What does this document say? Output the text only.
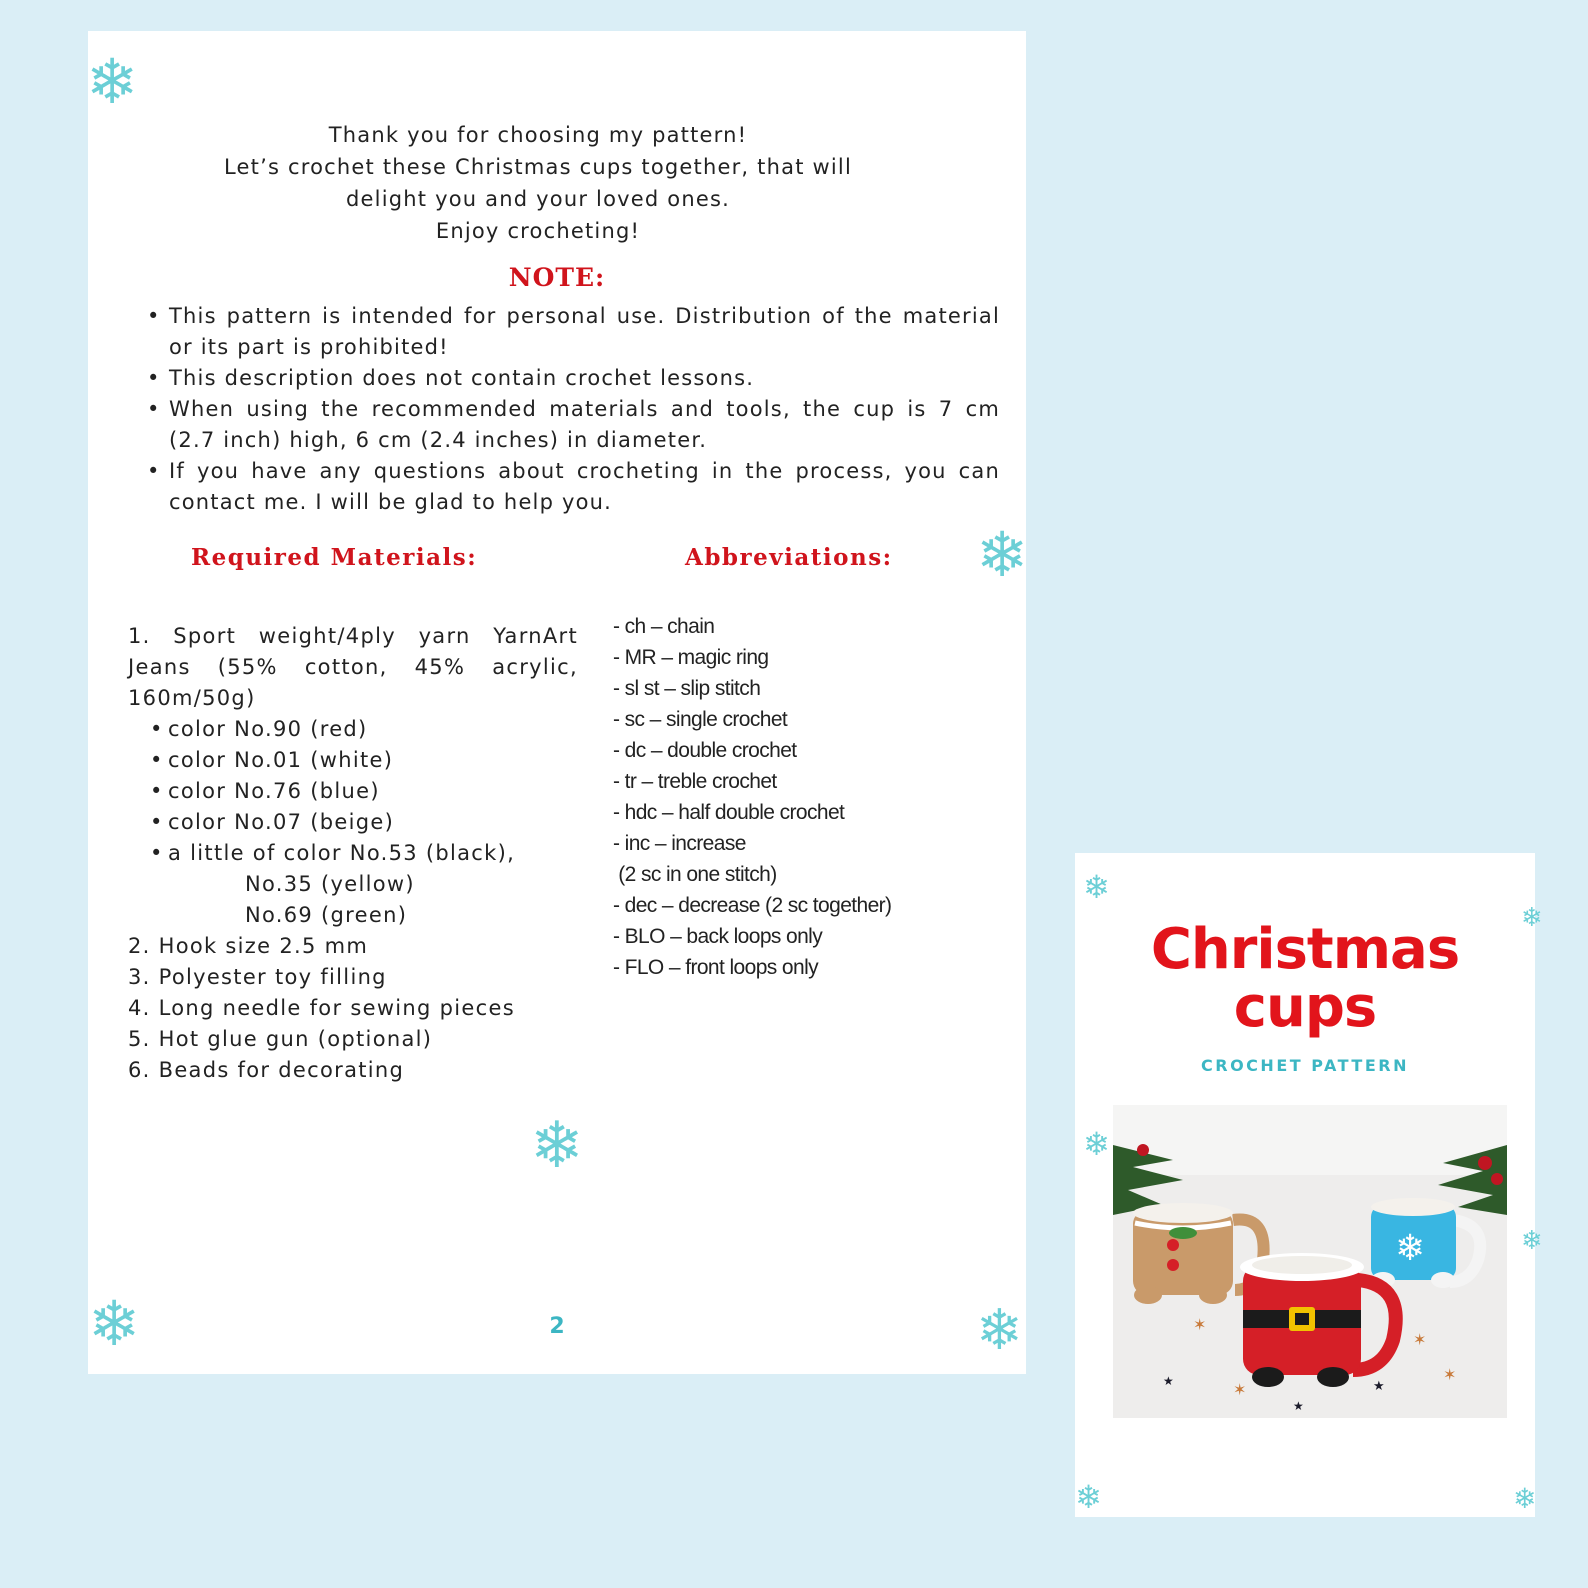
❄
❄
❄
❄	❄
Thank you for choosing my pattern!
Let’s crochet these Christmas cups together, that will
delight you and your loved ones.
Enjoy crocheting!
NOTE:
• This pattern is intended for personal use. Distribution of the material or its part is prohibited!
• This description does not contain crochet lessons.
• When using the recommended materials and tools, the cup is 7 cm (2.7 inch) high, 6 cm (2.4 inches) in diameter.
• If you have any questions about crocheting in the process, you can contact me. I will be glad to help you.
Required Materials:	Abbreviations:
1. Sport weight/4ply yarn YarnArt Jeans (55% cotton, 45% acrylic, 160m/50g)
• color No.90 (red)
• color No.01 (white)
• color No.76 (blue)
• color No.07 (beige)
• a little of color No.53 (black),
No.35 (yellow)
No.69 (green)
2. Hook size 2.5 mm
3. Polyester toy filling
4. Long needle for sewing pieces
5. Hot glue gun (optional)
6. Beads for decorating
- ch – chain
- MR – magic ring
- sl st – slip stitch
- sc – single crochet
- dc – double crochet
- tr – treble crochet
- hdc – half double crochet
- inc – increase
(2 sc in one stitch)
- dec – decrease (2 sc together)
- BLO – back loops only
- FLO – front loops only
2
❄
❄
❄
❄
❄	❄
Christmas
cups
CROCHET PATTERN
✶
✶
✶
✶	★
★
★
❄
